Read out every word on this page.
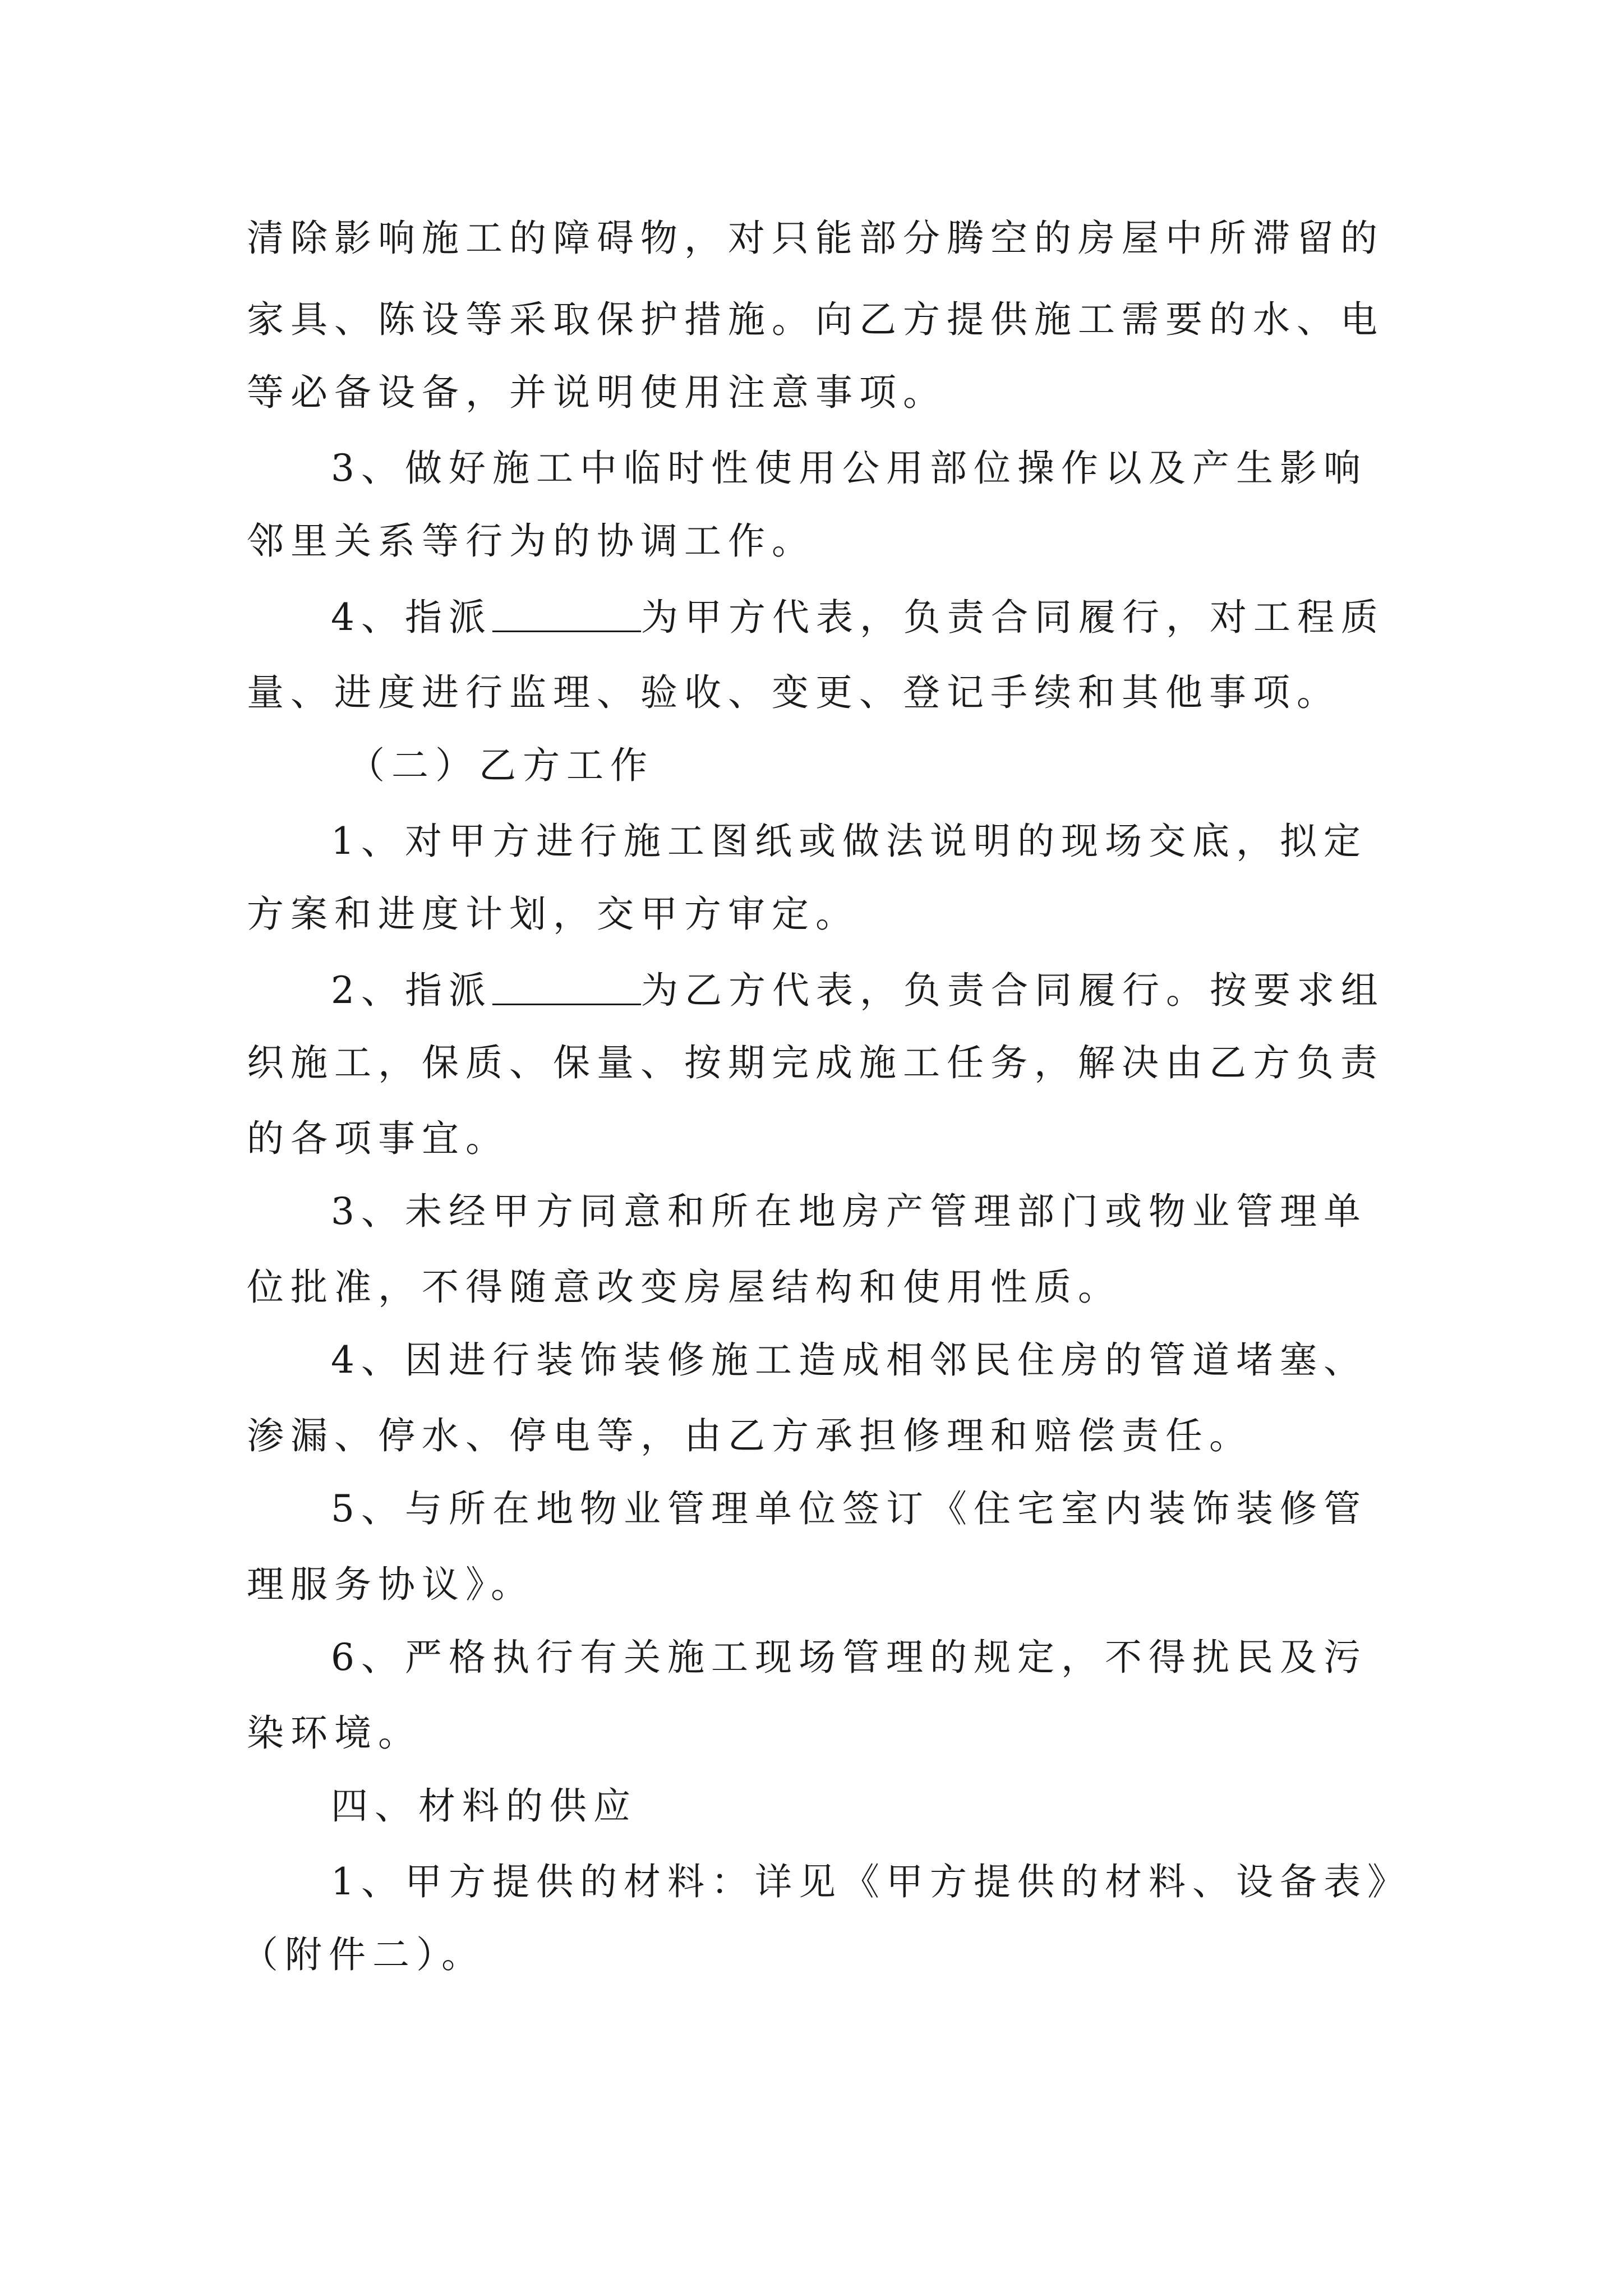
清除影响施工的障碍物，对只能部分腾空的房屋中所滞留的
家具、陈设等采取保护措施。向乙方提供施工需要的水、电
等必备设备，并说明使用注意事项。
3、做好施工中临时性使用公用部位操作以及产生影响
邻里关系等行为的协调工作。
4、指派	为甲方代表，负责合同履行，对工程质
量、进度进行监理、验收、变更、登记手续和其他事项。
（二）乙方工作
1、对甲方进行施工图纸或做法说明的现场交底，拟定
方案和进度计划，交甲方审定。
2、指派	为乙方代表，负责合同履行。按要求组
织施工，保质、保量、按期完成施工任务，解决由乙方负责
的各项事宜。
3、未经甲方同意和所在地房产管理部门或物业管理单
位批准，不得随意改变房屋结构和使用性质。
4、因进行装饰装修施工造成相邻民住房的管道堵塞、
渗漏、停水、停电等，由乙方承担修理和赔偿责任。
5、与所在地物业管理单位签订《住宅室内装饰装修管
理服务协议》。
6、严格执行有关施工现场管理的规定，不得扰民及污
染环境。
四、材料的供应
1、甲方提供的材料：详见《甲方提供的材料、设备表》
（附件二）。
